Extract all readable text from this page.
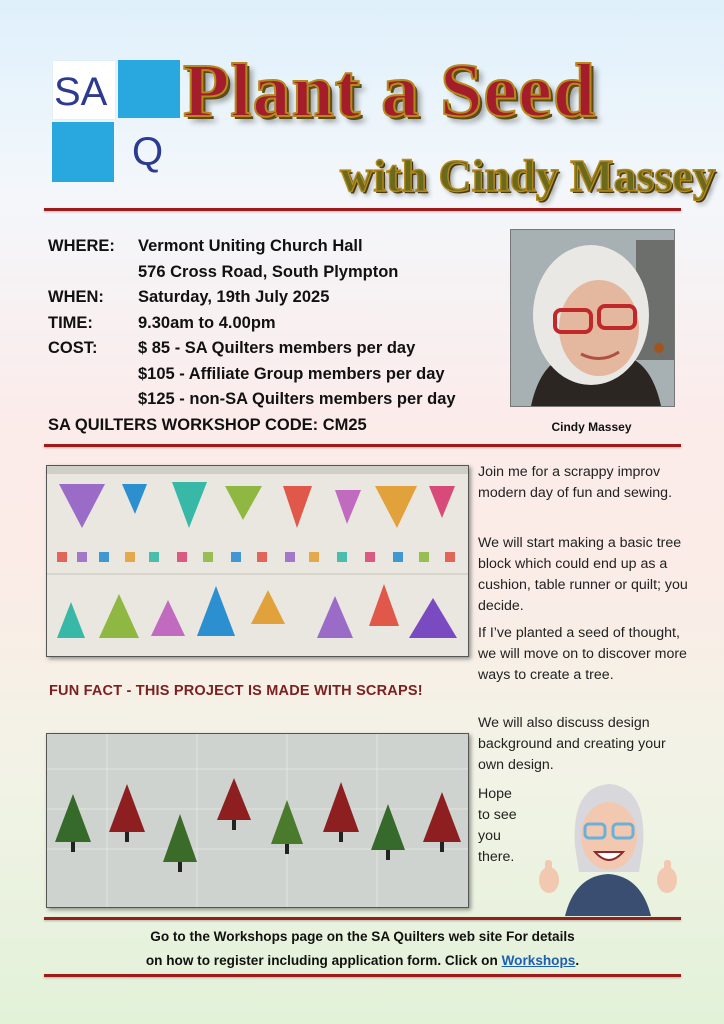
SA
Q
Plant a Seed
with Cindy Massey
WHERE: Vermont Uniting Church Hall
576 Cross Road, South Plympton
WHEN: Saturday, 19th July 2025
TIME:	9.30am to 4.00pm
COST: $ 85 - SA Quilters members per day
$105 - Affiliate Group members per day
$125 - non-SA Quilters members per day
SA QUILTERS WORKSHOP CODE: CM25	Cindy Massey
FUN FACT - THIS PROJECT IS MADE WITH SCRAPS!

Join me for a scrappy improv modern day of fun and sewing.

We will start making a basic tree block which could end up as a cushion, table runner or quilt; you decide.

If I’ve planted a seed of thought, we will move on to discover more ways to create a tree.

We will also discuss design background and creating your own design.

Hope

to see

you

there.

Go to the Workshops page on the SA Quilters web site For details
on how to register including application form. Click on Workshops.
